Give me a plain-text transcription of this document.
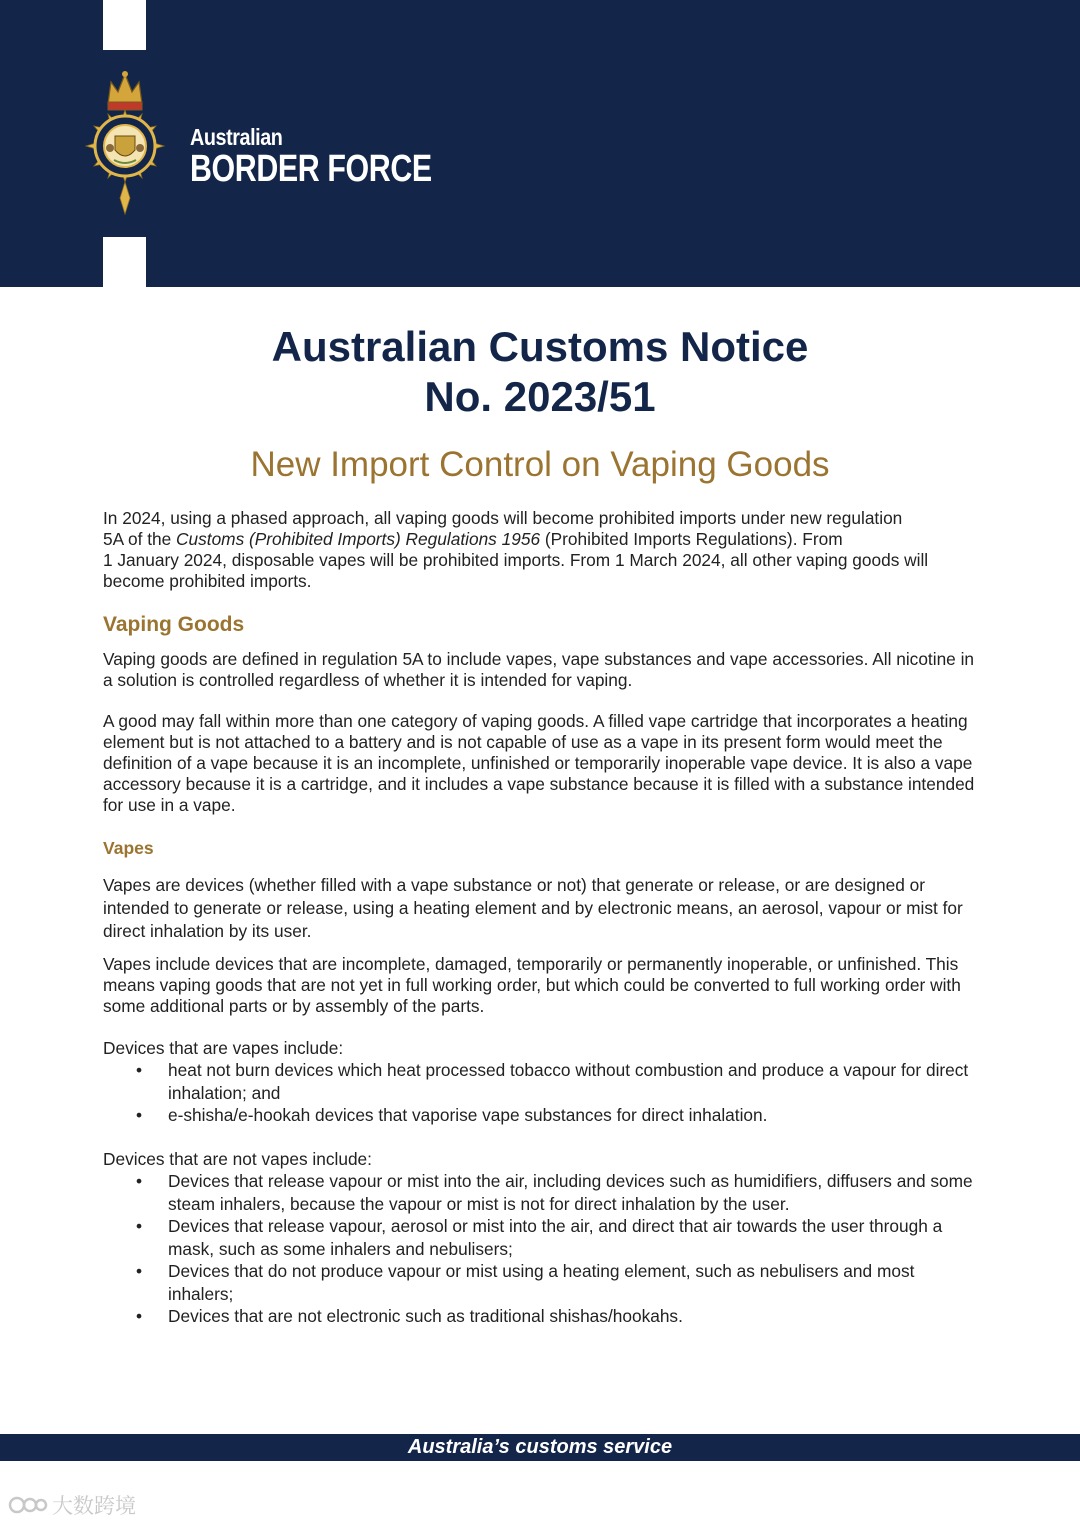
Australian
BORDER FORCE
Australian Customs Notice
No. 2023/51
New Import Control on Vaping Goods
In 2024, using a phased approach, all vaping goods will become prohibited imports under new regulation
5A of the Customs (Prohibited Imports) Regulations 1956 (Prohibited Imports Regulations). From
1 January 2024, disposable vapes will be prohibited imports. From 1 March 2024, all other vaping goods will
become prohibited imports.
Vaping Goods
Vaping goods are defined in regulation 5A to include vapes, vape substances and vape accessories. All nicotine in a solution is controlled regardless of whether it is intended for vaping.
A good may fall within more than one category of vaping goods. A filled vape cartridge that incorporates a heating element but is not attached to a battery and is not capable of use as a vape in its present form would meet the definition of a vape because it is an incomplete, unfinished or temporarily inoperable vape device. It is also a vape accessory because it is a cartridge, and it includes a vape substance because it is filled with a substance intended for use in a vape.
Vapes
Vapes are devices (whether filled with a vape substance or not) that generate or release, or are designed or intended to generate or release, using a heating element and by electronic means, an aerosol, vapour or mist for direct inhalation by its user.
Vapes include devices that are incomplete, damaged, temporarily or permanently inoperable, or unfinished. This means vaping goods that are not yet in full working order, but which could be converted to full working order with some additional parts or by assembly of the parts.
Devices that are vapes include:
• heat not burn devices which heat processed tobacco without combustion and produce a vapour for direct inhalation; and
• e-shisha/e-hookah devices that vaporise vape substances for direct inhalation.
Devices that are not vapes include:
• Devices that release vapour or mist into the air, including devices such as humidifiers, diffusers and some steam inhalers, because the vapour or mist is not for direct inhalation by the user.
• Devices that release vapour, aerosol or mist into the air, and direct that air towards the user through a mask, such as some inhalers and nebulisers;
• Devices that do not produce vapour or mist using a heating element, such as nebulisers and most inhalers;
• Devices that are not electronic such as traditional shishas/hookahs.
Australia’s customs service
大数跨境
